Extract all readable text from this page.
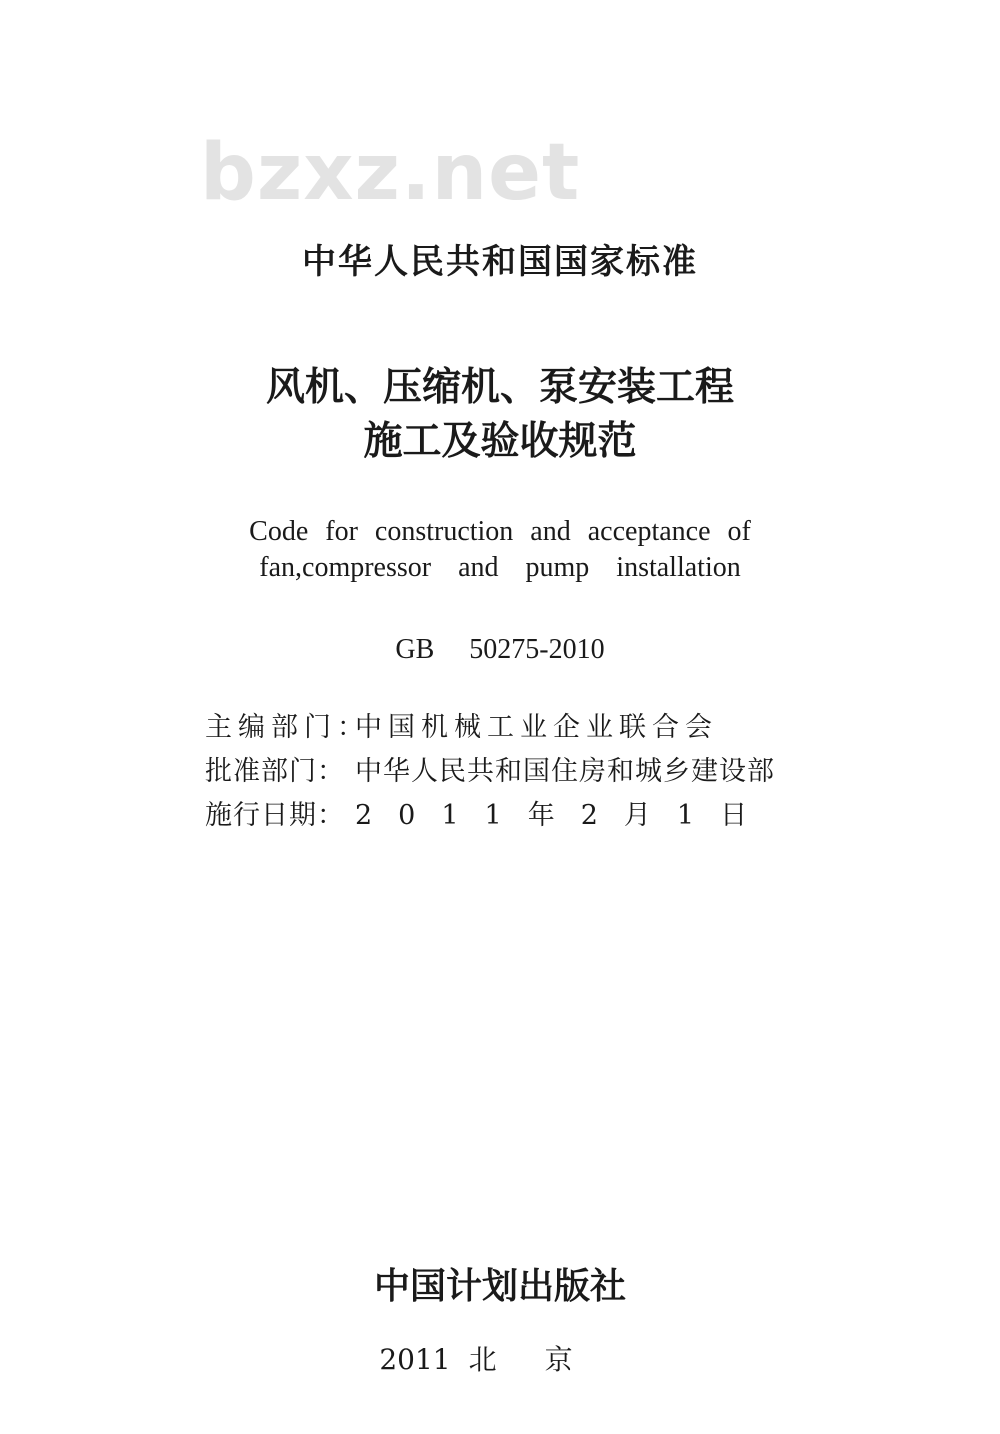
bzxz.net
中华人民共和国国家标准
风机、压缩机、泵安装工程
施工及验收规范
Code for construction and acceptance of
fan,compressor and pump installation
GB 50275-2010
主编部门：中国机械工业企业联合会
批准部门： 中华人民共和国住房和城乡建设部
施行日期： 2011年2月1日
中国计划出版社
2011 北京
